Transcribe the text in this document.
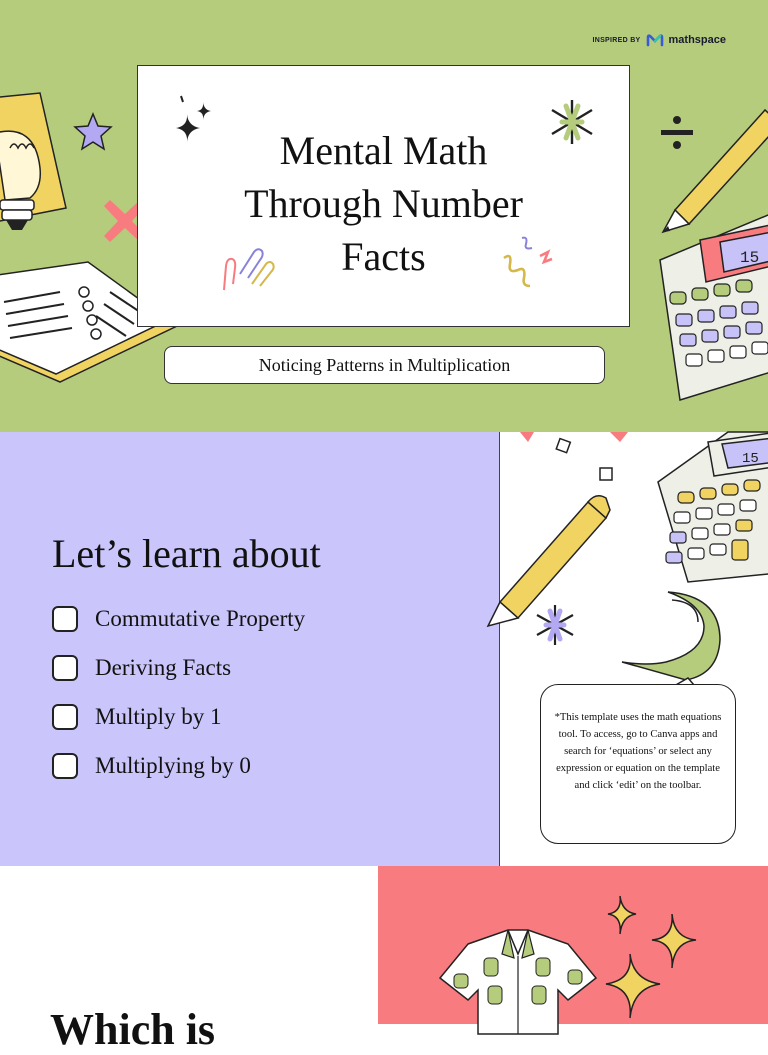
15
INSPIRED BY	mathspace
Mental Math
Through Number
Facts
Noticing Patterns in Multiplication
Let’s learn about
Commutative Property
Deriving Facts
Multiply by 1
Multiplying by 0
15
*This template uses the math equations tool. To access, go to Canva apps and search for ‘equations’ or select any expression or equation on the template and click ‘edit’ on the toolbar.
Which is
